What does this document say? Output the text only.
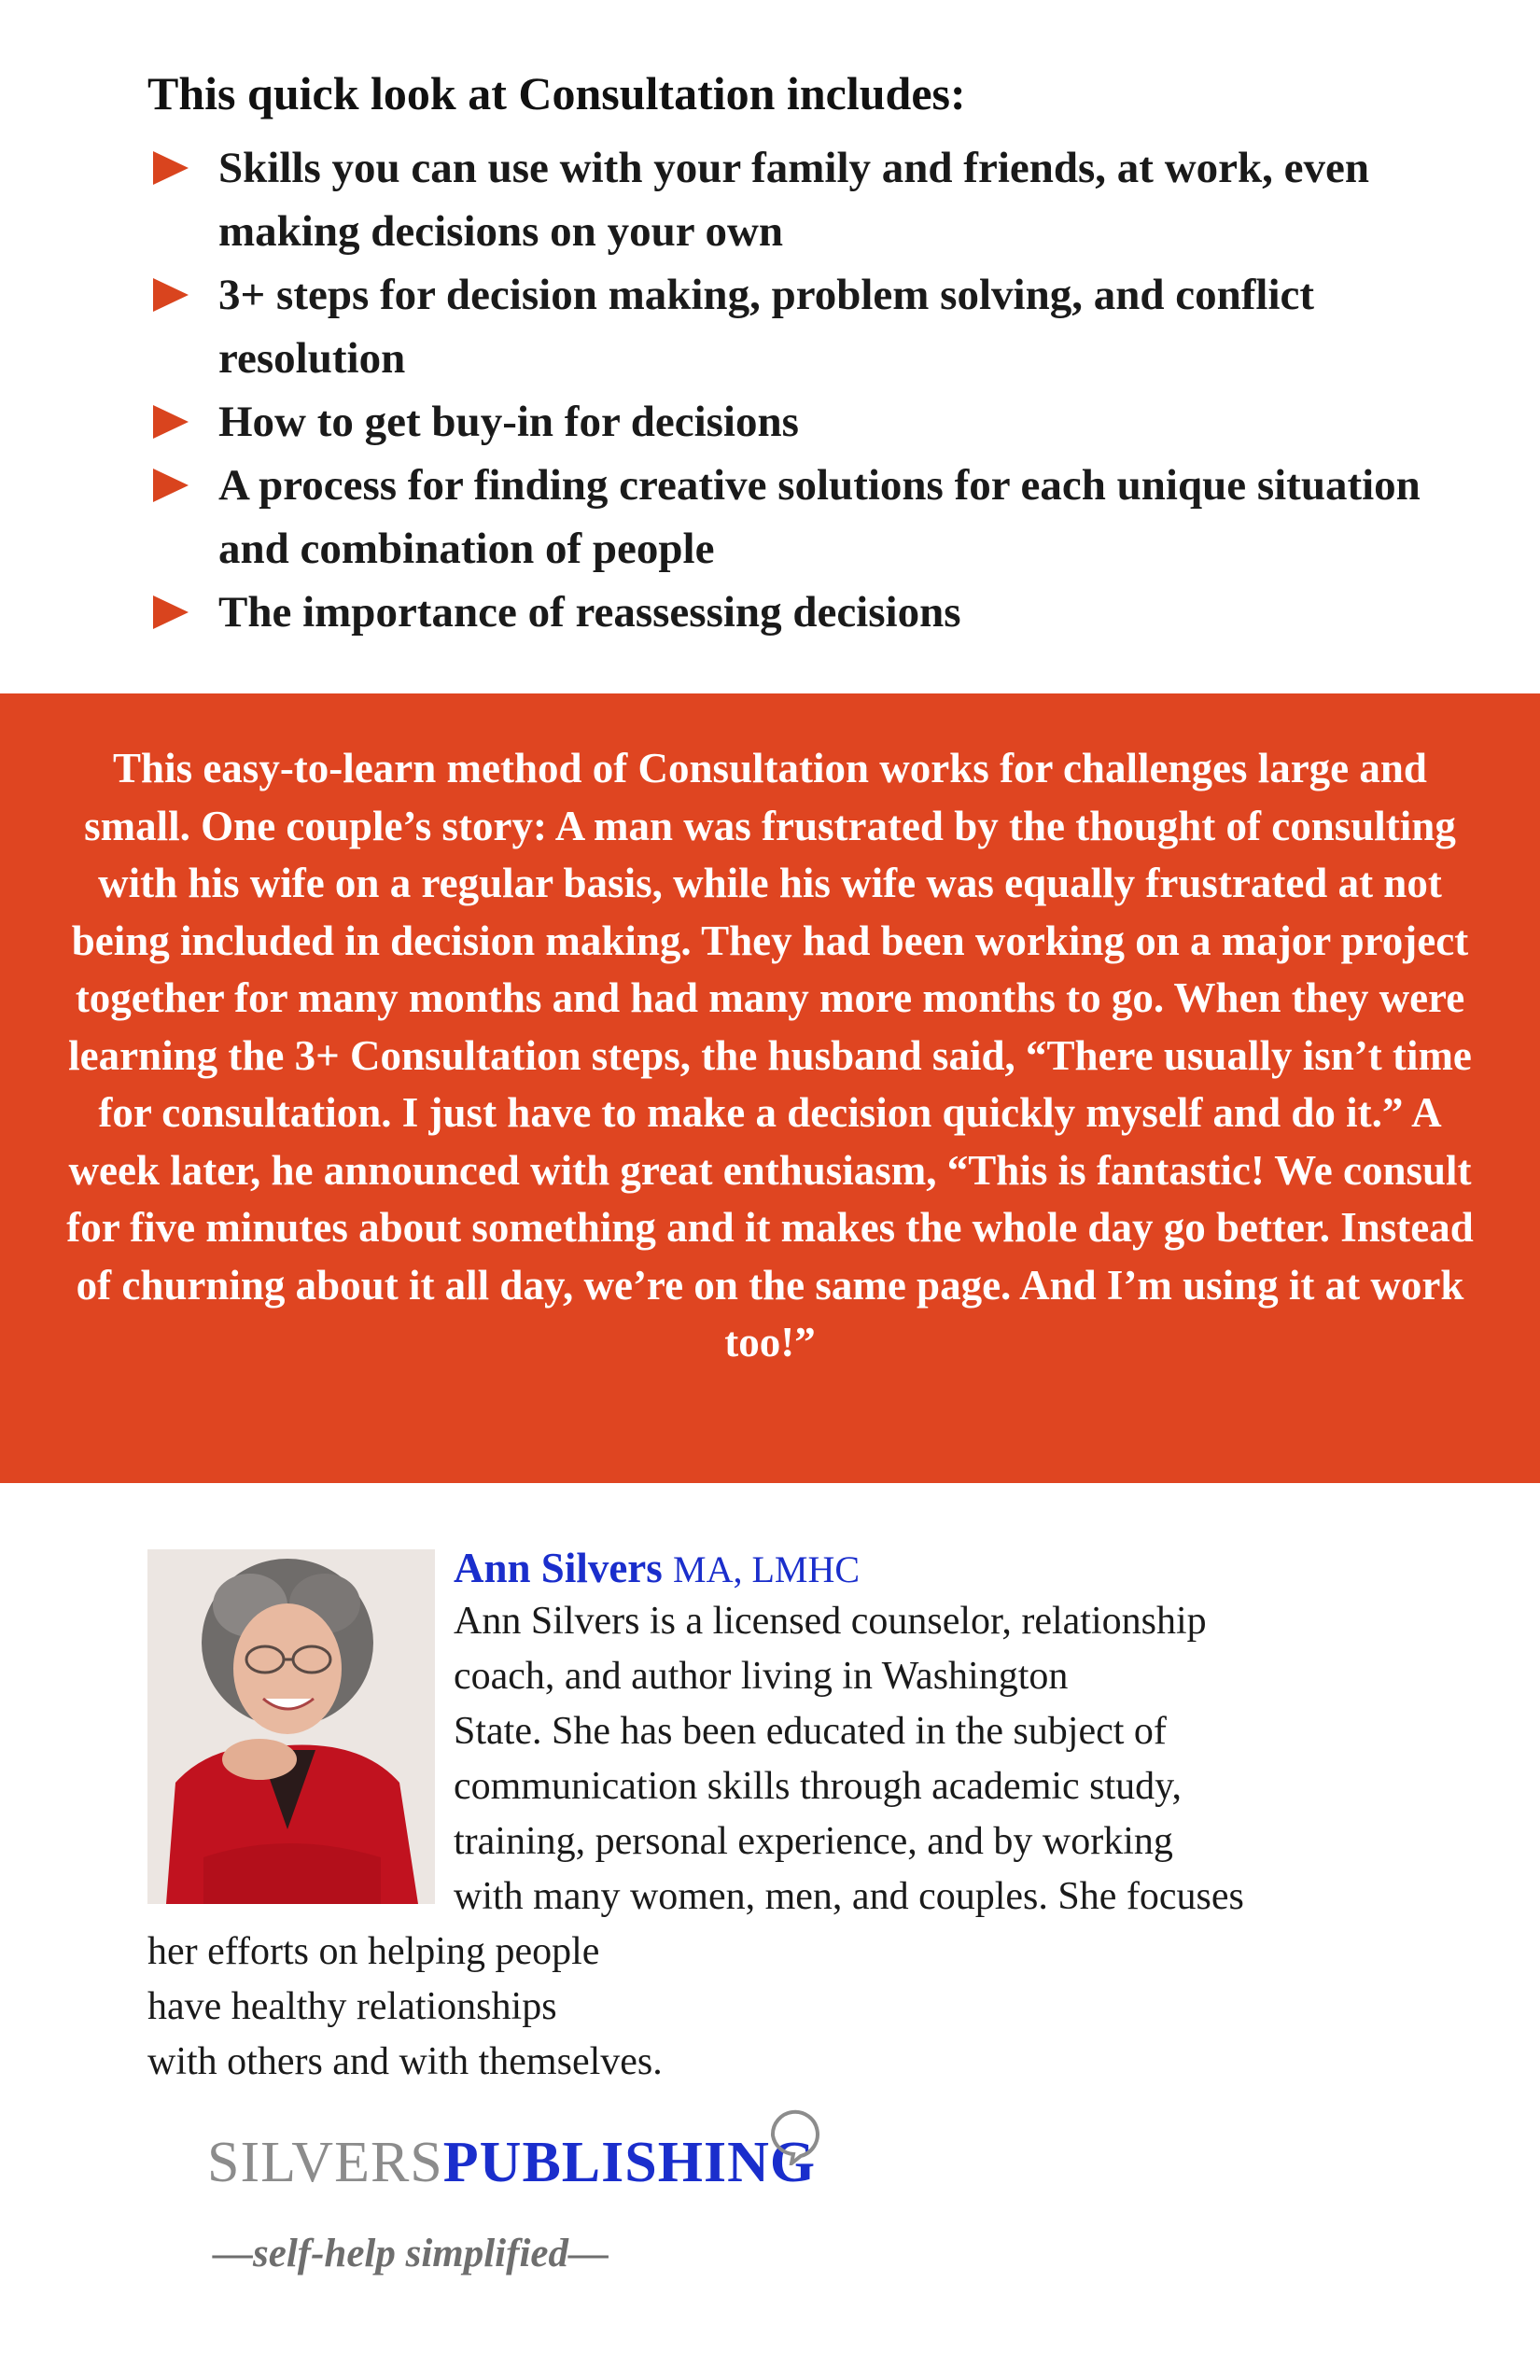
This quick look at Consultation includes:
Skills you can use with your family and friends, at work, even making decisions on your own
3+ steps for decision making, problem solving, and conflict resolution
How to get buy-in for decisions
A process for finding creative solutions for each unique situation and combination of people
The importance of reassessing decisions

This easy-to-learn method of Consultation works for challenges large and small. One couple’s story: A man was frustrated by the thought of consulting with his wife on a regular basis, while his wife was equally frustrated at not being included in decision making. They had been working on a major project together for many months and had many more months to go. When they were learning the 3+ Consultation steps, the husband said, “There usually isn’t time for consultation. I just have to make a decision quickly myself and do it.” A week later, he announced with great enthusiasm, “This is fantastic! We consult for five minutes about something and it makes the whole day go better. Instead of churning about it all day, we’re on the same page. And I’m using it at work too!”

Ann Silvers MA, LMHC
Ann Silvers is a licensed counselor, relationship
coach, and author living in Washington
State. She has been educated in the subject of
communication skills through academic study,
training, personal experience, and by working
with many women, men, and couples. She focuses
her efforts on helping people
have healthy relationships
with others and with themselves.
SILVERSPUBLISHING
—self-help simplified—
